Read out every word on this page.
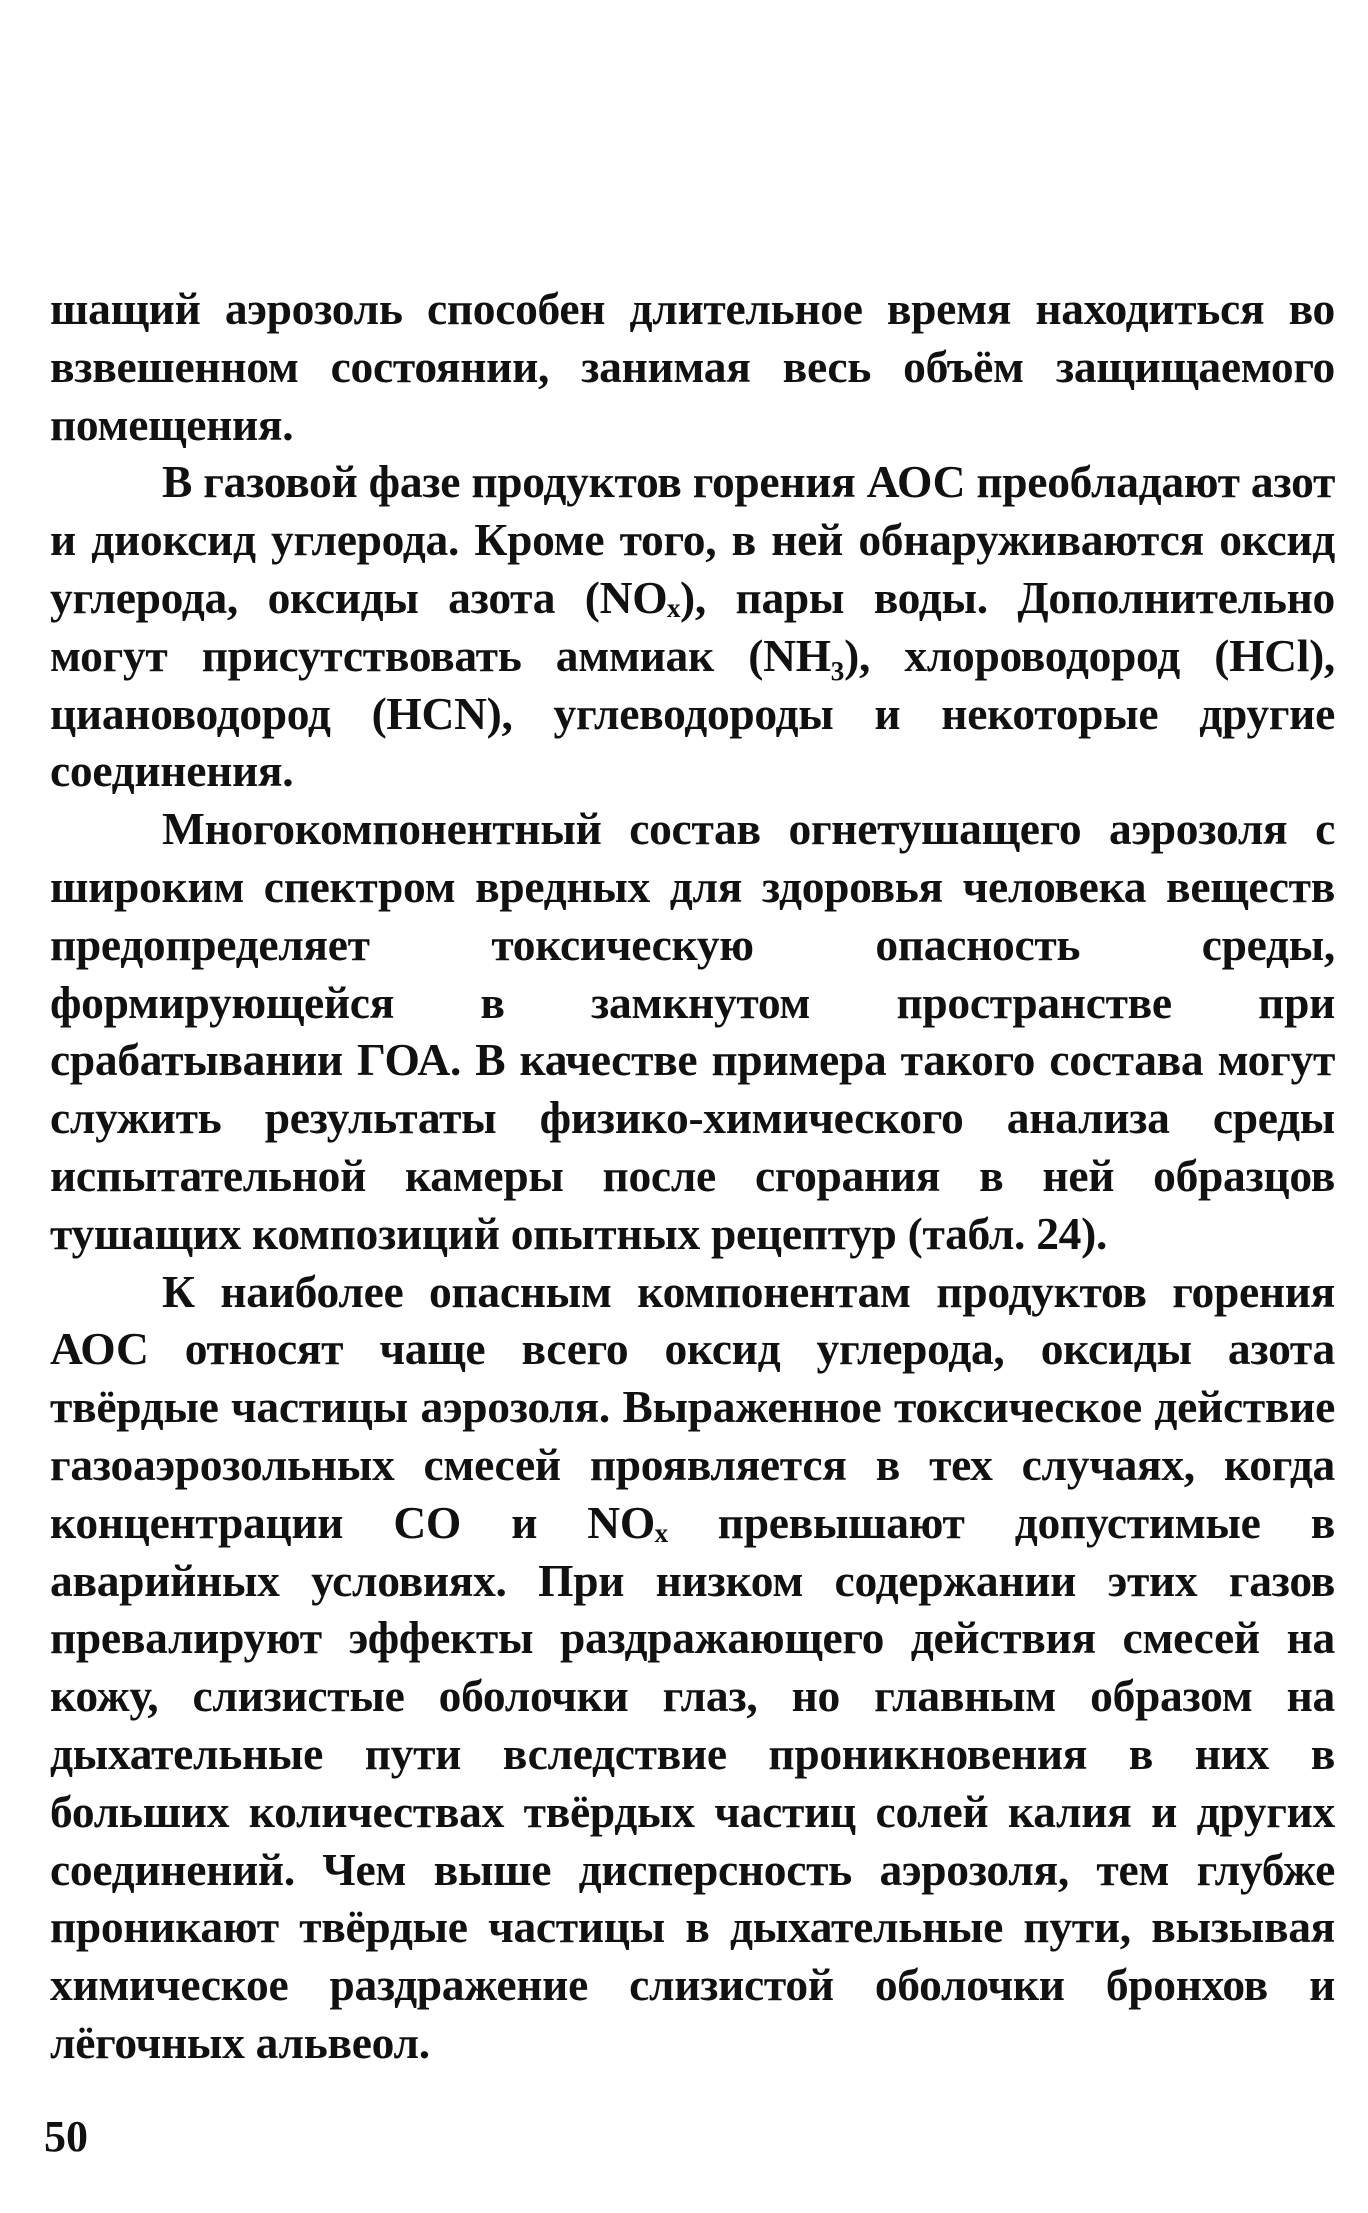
шащий аэрозоль способен длительное время находиться во взвешенном состоянии, занимая весь объём защищаемого помещения.

В газовой фазе продуктов горения АОС преобладают азот и диоксид углерода. Кроме того, в ней обнаруживаются оксид углерода, оксиды азота (NOₓ), пары воды. Дополнительно могут присутствовать аммиак (NH₃), хлороводород (HCl), циановодород (HCN), углеводороды и некоторые другие соединения.

Многокомпонентный состав огнетушащего аэрозоля с широким спектром вредных для здоровья человека веществ предопределяет токсическую опасность среды, формирующейся в замкнутом пространстве при срабатывании ГОА. В качестве примера такого состава могут служить результаты физико-химического анализа среды испытательной камеры после сгорания в ней образцов тушащих композиций опытных рецептур (табл. 24).

К наиболее опасным компонентам продуктов горения АОС относят чаще всего оксид углерода, оксиды азота твёрдые частицы аэрозоля. Выраженное токсическое действие газоаэрозольных смесей проявляется в тех случаях, когда концентрации CO и NOₓ превышают допустимые в аварийных условиях. При низком содержании этих газов превалируют эффекты раздражающего действия смесей на кожу, слизистые оболочки глаз, но главным образом на дыхательные пути вследствие проникновения в них в больших количествах твёрдых частиц солей калия и других соединений. Чем выше дисперсность аэрозоля, тем глубже проникают твёрдые частицы в дыхательные пути, вызывая химическое раздражение слизистой оболочки бронхов и лёгочных альвеол.

50
